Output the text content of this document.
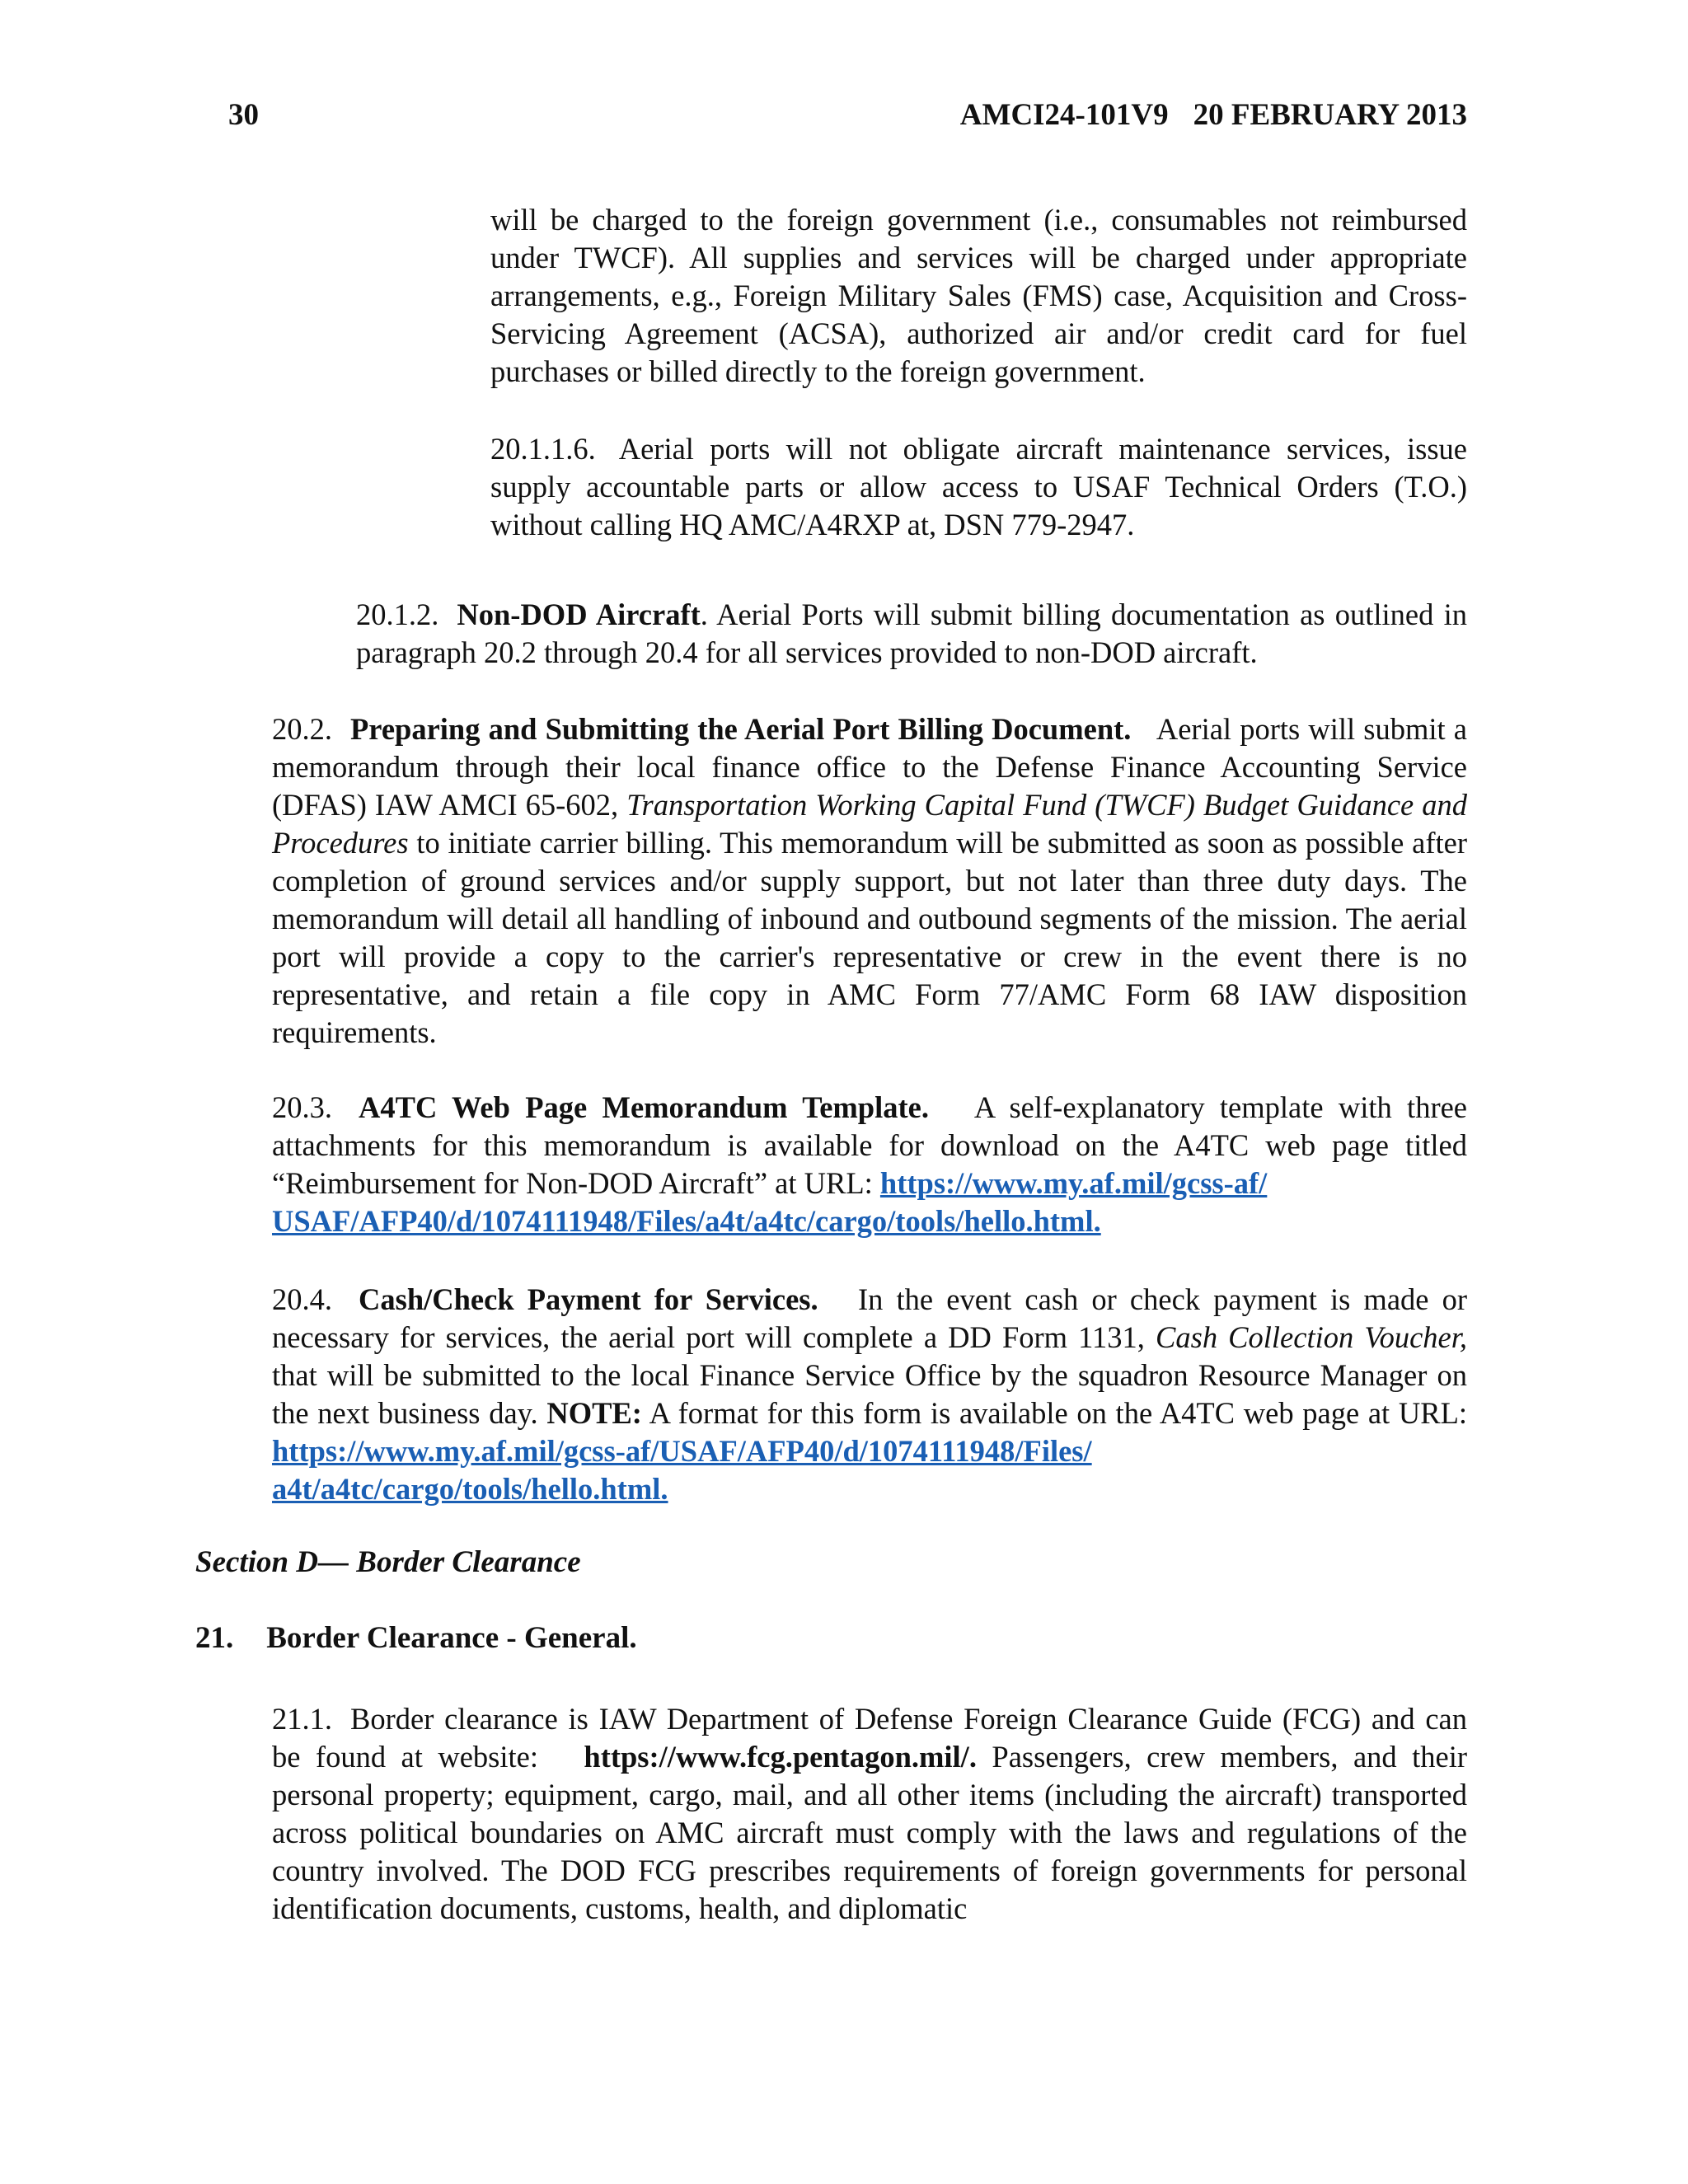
30	AMCI24-101V9 20 FEBRUARY 2013

will be charged to the foreign government (i.e., consumables not reimbursed under TWCF). All supplies and services will be charged under appropriate arrangements, e.g., Foreign Military Sales (FMS) case, Acquisition and Cross-Servicing Agreement (ACSA), authorized air and/or credit card for fuel purchases or billed directly to the foreign government.

20.1.1.6. Aerial ports will not obligate aircraft maintenance services, issue supply accountable parts or allow access to USAF Technical Orders (T.O.) without calling HQ AMC/A4RXP at, DSN 779-2947.

20.1.2. Non-DOD Aircraft. Aerial Ports will submit billing documentation as outlined in paragraph 20.2 through 20.4 for all services provided to non-DOD aircraft.

20.2. Preparing and Submitting the Aerial Port Billing Document. Aerial ports will submit a memorandum through their local finance office to the Defense Finance Accounting Service (DFAS) IAW AMCI 65-602, Transportation Working Capital Fund (TWCF) Budget Guidance and Procedures to initiate carrier billing. This memorandum will be submitted as soon as possible after completion of ground services and/or supply support, but not later than three duty days. The memorandum will detail all handling of inbound and outbound segments of the mission. The aerial port will provide a copy to the carrier's representative or crew in the event there is no representative, and retain a file copy in AMC Form 77/AMC Form 68 IAW disposition requirements.

20.3. A4TC Web Page Memorandum Template. A self-explanatory template with three attachments for this memorandum is available for download on the A4TC web page titled “Reimbursement for Non-DOD Aircraft” at URL: https://www.my.af.mil/gcss-af/
USAF/AFP40/d/1074111948/Files/a4t/a4tc/cargo/tools/hello.html.

20.4. Cash/Check Payment for Services. In the event cash or check payment is made or necessary for services, the aerial port will complete a DD Form 1131, Cash Collection Voucher, that will be submitted to the local Finance Service Office by the squadron Resource Manager on the next business day. NOTE: A format for this form is available on the A4TC web page at URL: https://www.my.af.mil/gcss-af/USAF/AFP40/d/1074111948/Files/
a4t/a4tc/cargo/tools/hello.html.

Section D— Border Clearance

21. Border Clearance - General.

21.1. Border clearance is IAW Department of Defense Foreign Clearance Guide (FCG) and can be found at website:   https://www.fcg.pentagon.mil/. Passengers, crew members, and their personal property; equipment, cargo, mail, and all other items (including the aircraft) transported across political boundaries on AMC aircraft must comply with the laws and regulations of the country involved. The DOD FCG prescribes requirements of foreign governments for personal identification documents, customs, health, and diplomatic
